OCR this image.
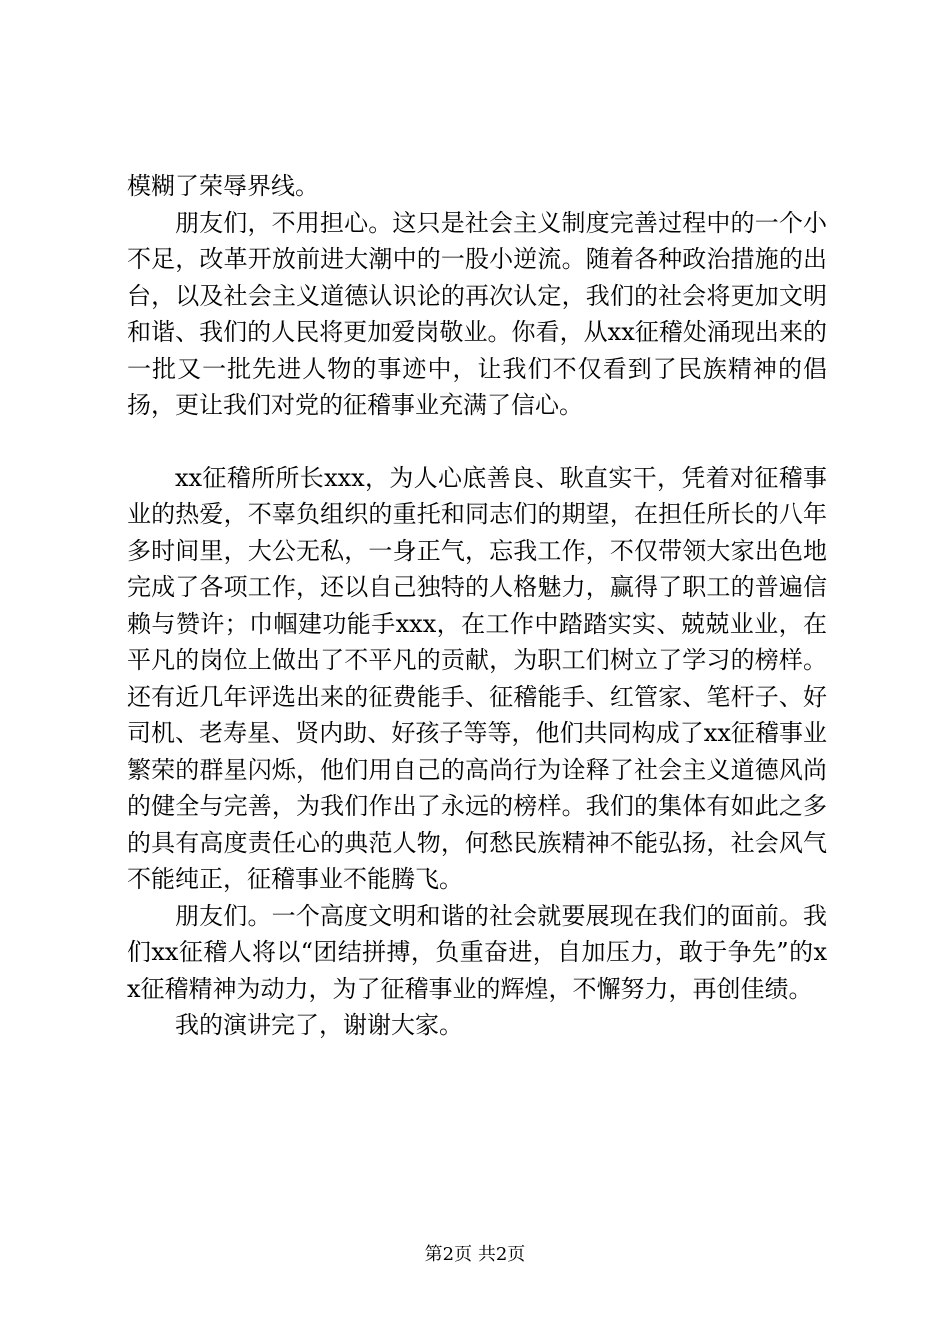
模糊了荣辱界线。

朋友们，不用担心。这只是社会主义制度完善过程中的一个小不足，改革开放前进大潮中的一股小逆流。随着各种政治措施的出台，以及社会主义道德认识论的再次认定，我们的社会将更加文明和谐、我们的人民将更加爱岗敬业。你看，从xx征稽处涌现出来的一批又一批先进人物的事迹中，让我们不仅看到了民族精神的倡扬，更让我们对党的征稽事业充满了信心。

xx征稽所所长xxx，为人心底善良、耿直实干，凭着对征稽事业的热爱，不辜负组织的重托和同志们的期望，在担任所长的八年多时间里，大公无私，一身正气，忘我工作，不仅带领大家出色地完成了各项工作，还以自己独特的人格魅力，赢得了职工的普遍信赖与赞许；巾帼建功能手xxx，在工作中踏踏实实、兢兢业业，在平凡的岗位上做出了不平凡的贡献，为职工们树立了学习的榜样。还有近几年评选出来的征费能手、征稽能手、红管家、笔杆子、好司机、老寿星、贤内助、好孩子等等，他们共同构成了xx征稽事业繁荣的群星闪烁，他们用自己的高尚行为诠释了社会主义道德风尚的健全与完善，为我们作出了永远的榜样。我们的集体有如此之多的具有高度责任心的典范人物，何愁民族精神不能弘扬，社会风气不能纯正，征稽事业不能腾飞。

朋友们。一个高度文明和谐的社会就要展现在我们的面前。我们xx征稽人将以“团结拼搏，负重奋进，自加压力，敢于争先”的xx征稽精神为动力，为了征稽事业的辉煌，不懈努力，再创佳绩。

我的演讲完了，谢谢大家。

第2页 共2页
